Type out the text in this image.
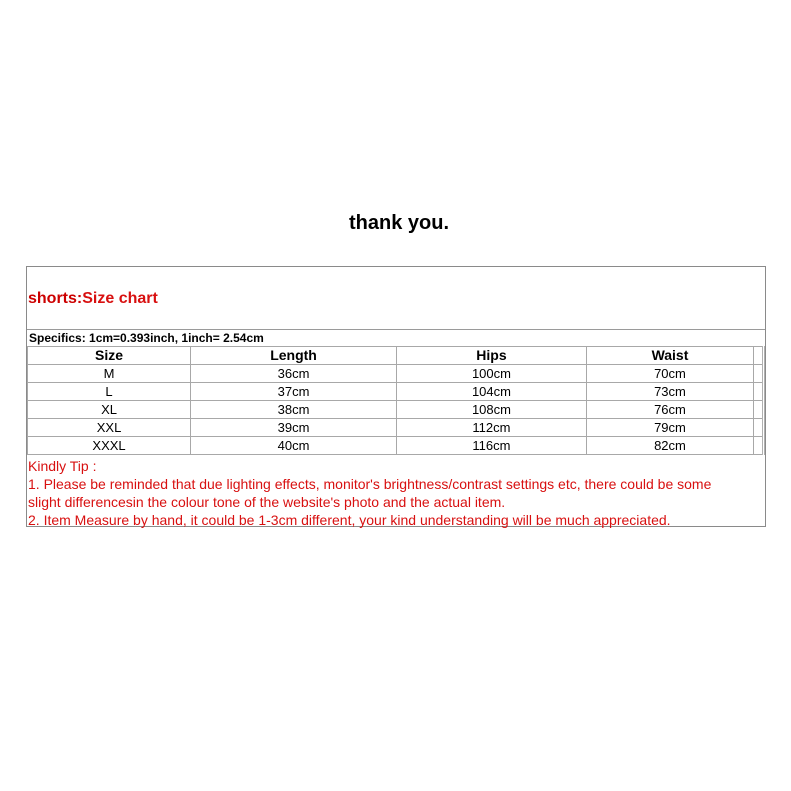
thank you.
shorts:Size chart
Specifics: 1cm=0.393inch, 1inch= 2.54cm
Size	Length	Hips	Waist	
M	36cm	100cm	70cm	
L	37cm	104cm	73cm	
XL	38cm	108cm	76cm	
XXL	39cm	112cm	79cm	
XXXL	40cm	116cm	82cm	
Kindly Tip :
1. Please be reminded that due lighting effects, monitor's brightness/contrast settings etc, there could be some
slight differencesin the colour tone of the website's photo and the actual item.
2. Item Measure by hand, it could be 1-3cm different, your kind understanding will be much appreciated.
